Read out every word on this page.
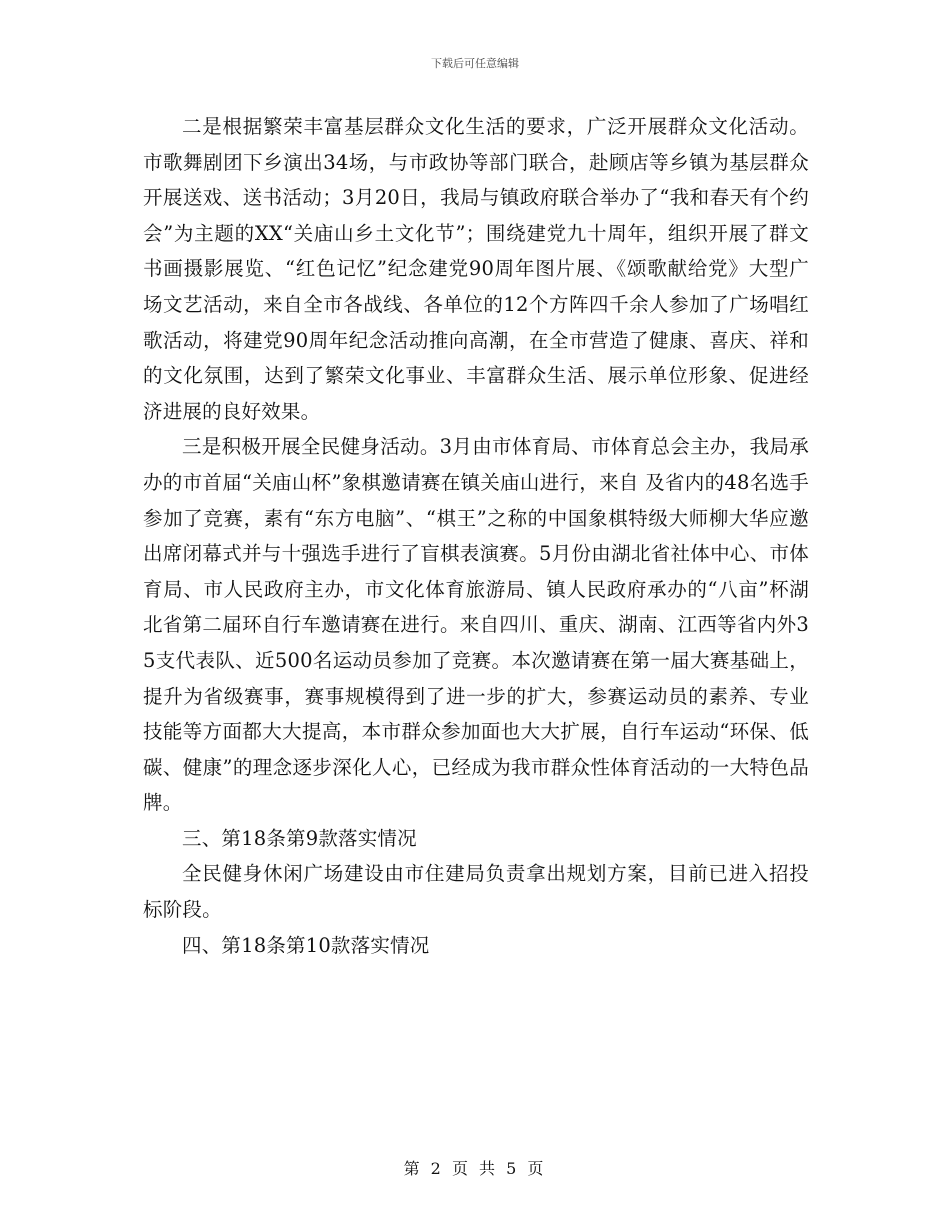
下载后可任意编辑

二是根据繁荣丰富基层群众文化生活的要求，广泛开展群众文化活动。市歌舞剧团下乡演出34场，与市政协等部门联合，赴顾店等乡镇为基层群众开展送戏、送书活动；3月20日，我局与镇政府联合举办了“我和春天有个约会”为主题的XX“关庙山乡土文化节”；围绕建党九十周年，组织开展了群文书画摄影展览、“红色记忆”纪念建党90周年图片展、《颂歌献给党》大型广场文艺活动，来自全市各战线、各单位的12个方阵四千余人参加了广场唱红歌活动，将建党90周年纪念活动推向高潮，在全市营造了健康、喜庆、祥和的文化氛围，达到了繁荣文化事业、丰富群众生活、展示单位形象、促进经济进展的良好效果。

三是积极开展全民健身活动。3月由市体育局、市体育总会主办，我局承办的市首届“关庙山杯”象棋邀请赛在镇关庙山进行，来自 及省内的48名选手参加了竞赛，素有“东方电脑”、“棋王”之称的中国象棋特级大师柳大华应邀出席闭幕式并与十强选手进行了盲棋表演赛。5月份由湖北省社体中心、市体育局、市人民政府主办，市文化体育旅游局、镇人民政府承办的“八亩”杯湖北省第二届环自行车邀请赛在进行。来自四川、重庆、湖南、江西等省内外35支代表队、近500名运动员参加了竞赛。本次邀请赛在第一届大赛基础上，提升为省级赛事，赛事规模得到了进一步的扩大，参赛运动员的素养、专业技能等方面都大大提高，本市群众参加面也大大扩展，自行车运动“环保、低碳、健康”的理念逐步深化人心，已经成为我市群众性体育活动的一大特色品牌。

三、第18条第9款落实情况

全民健身休闲广场建设由市住建局负责拿出规划方案，目前已进入招投标阶段。

四、第18条第10款落实情况

第 2 页 共 5 页
